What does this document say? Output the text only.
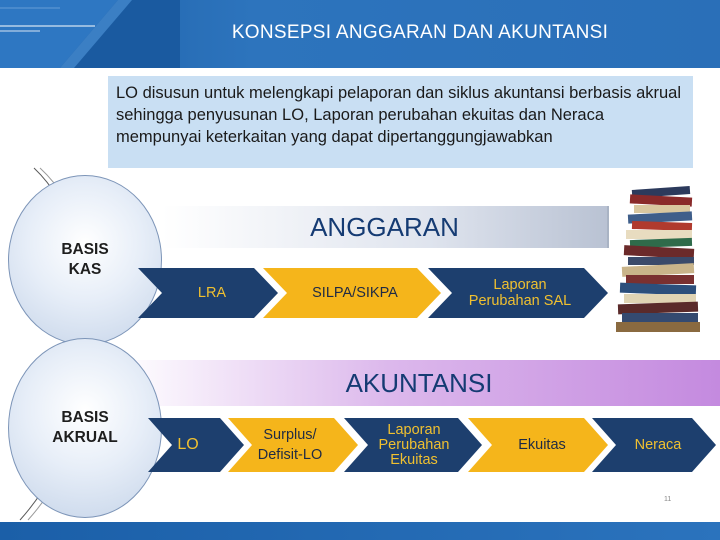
KONSEPSI ANGGARAN DAN AKUNTANSI
LO disusun untuk melengkapi pelaporan dan siklus akuntansi berbasis akrual sehingga penyusunan LO, Laporan perubahan ekuitas dan Neraca mempunyai keterkaitan yang dapat dipertanggungjawabkan
ANGGARAN
AKUNTANSI
BASIS
KAS
BASIS
AKRUAL
LRA	SILPA/SIKPA	Laporan
Perubahan SAL
LO
Surplus/
Defisit-LO
Laporan
Perubahan
Ekuitas
Ekuitas	Neraca
11
